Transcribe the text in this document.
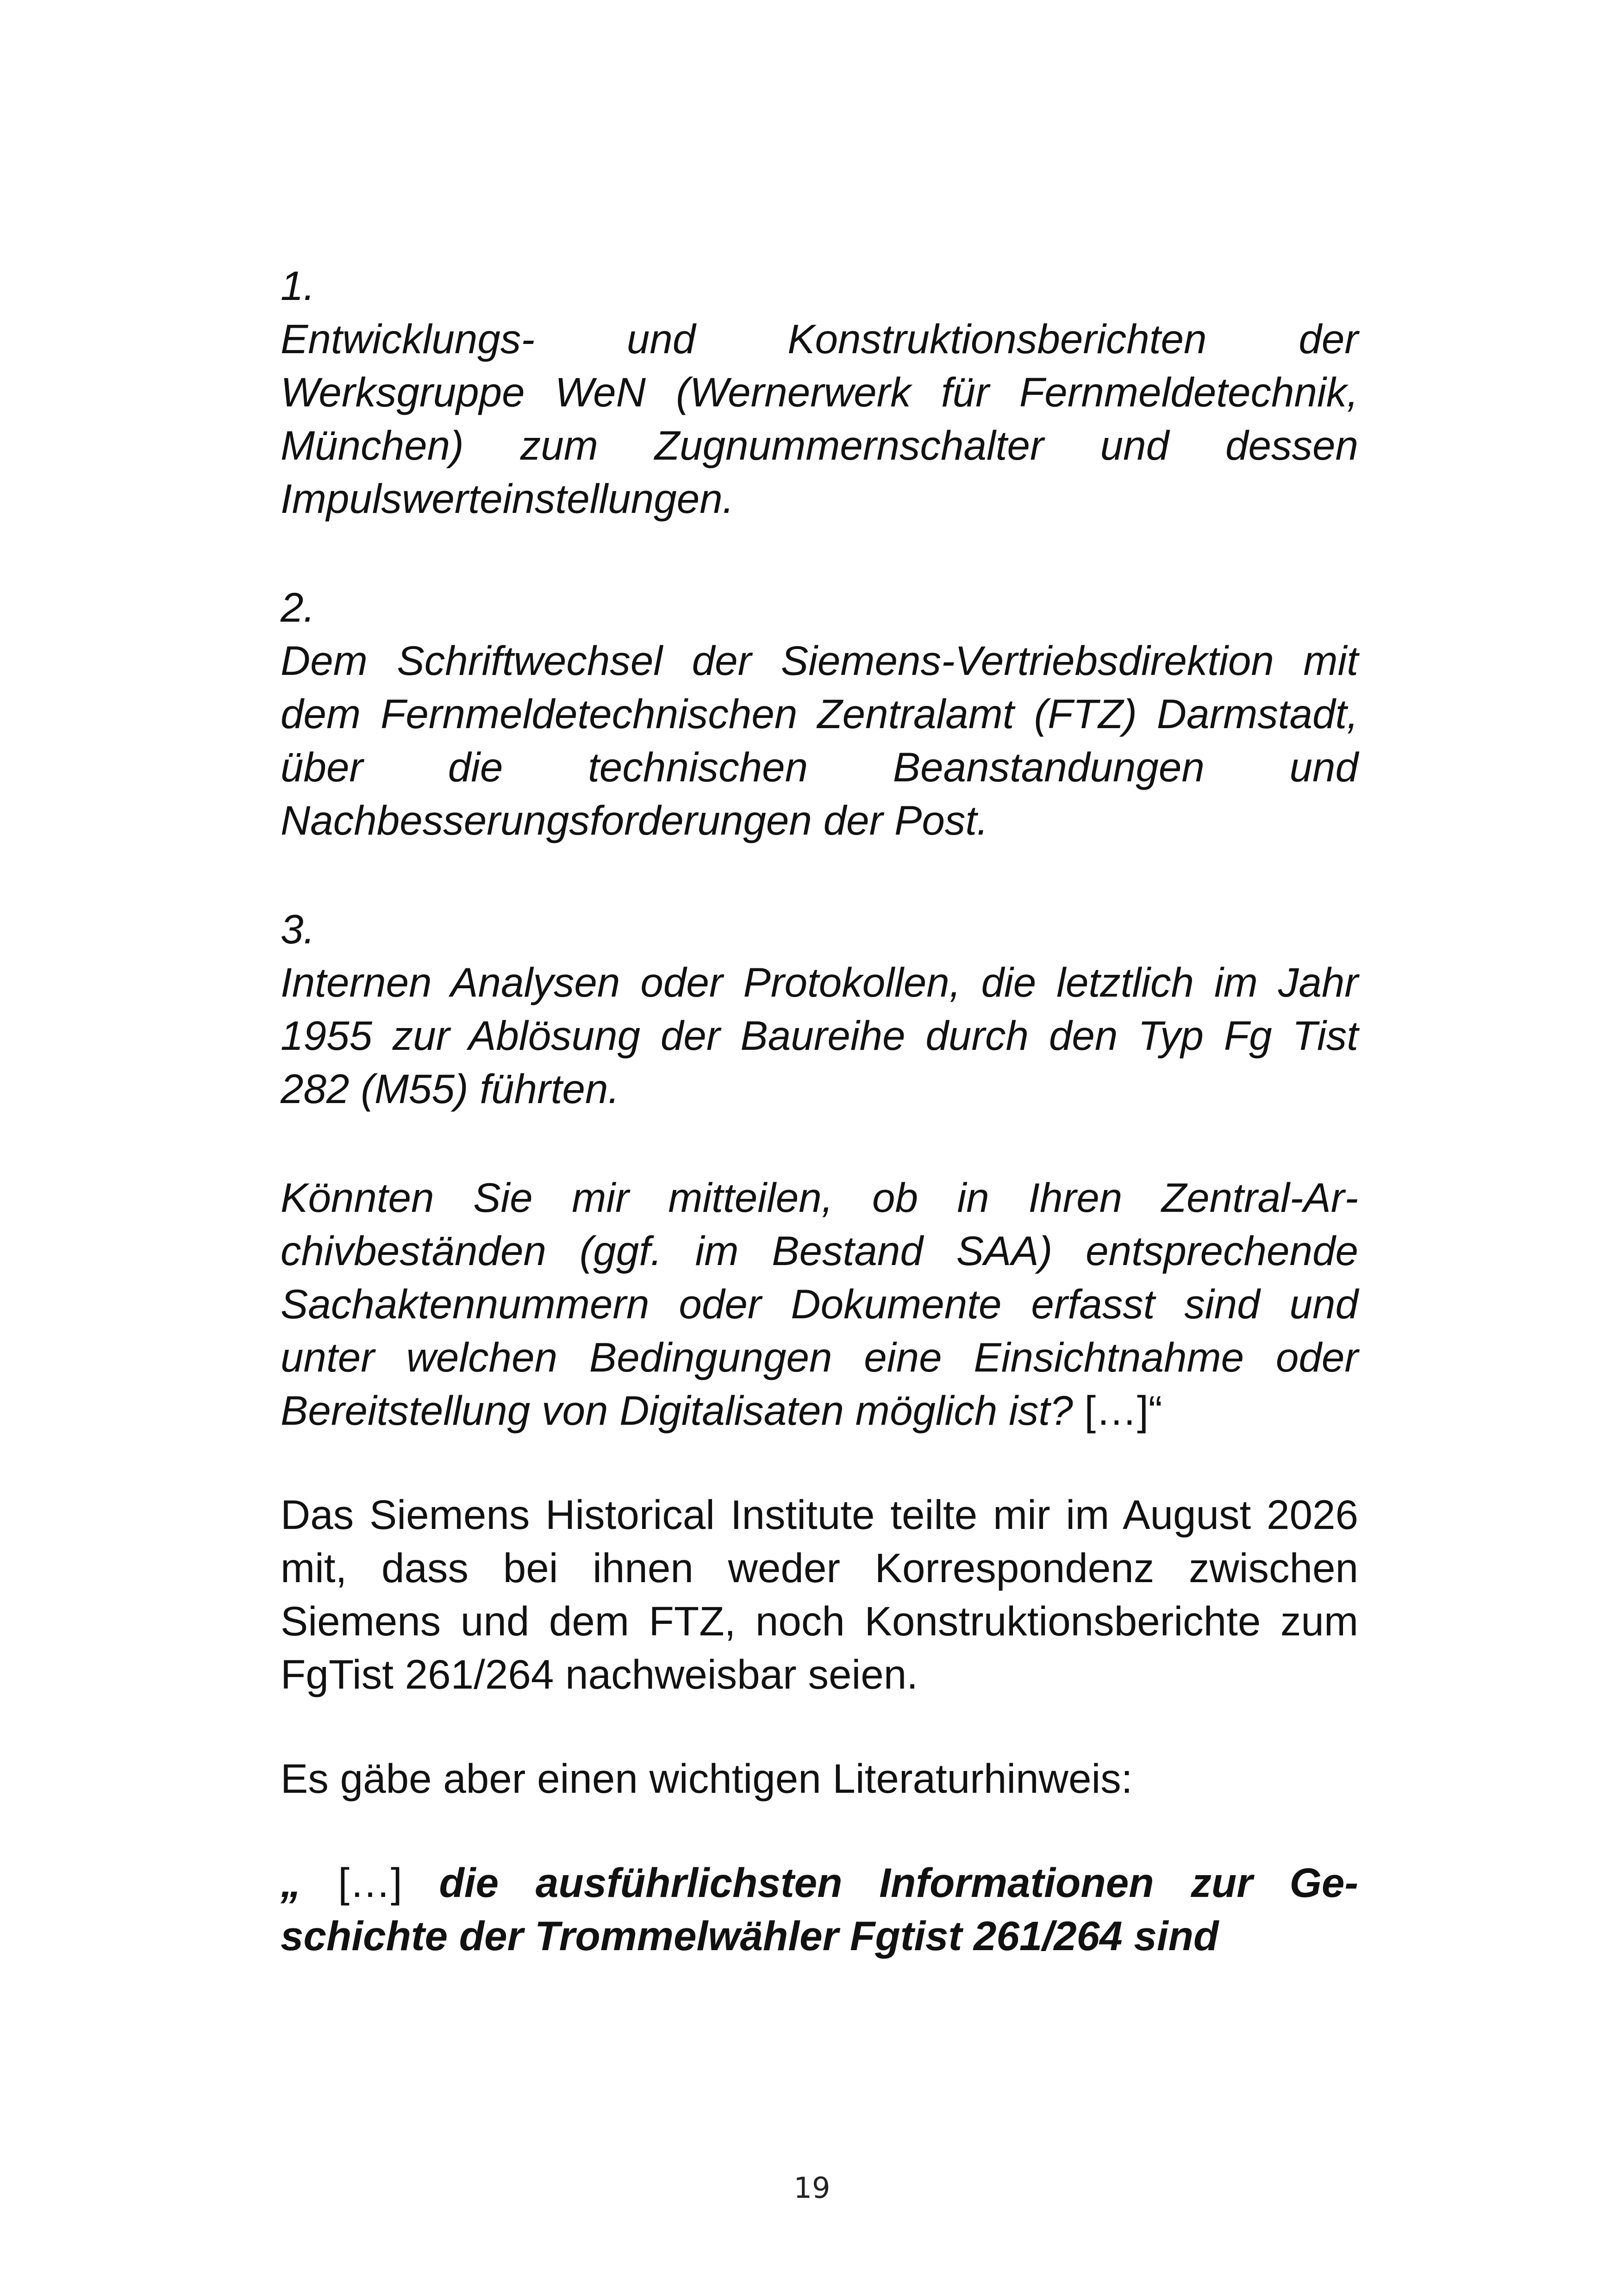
1.
Entwicklungs- und Konstruktionsberichten der Werksgruppe WeN (Wernerwerk für Fernmeldetechnik, München) zum Zugnummernschalter und dessen Impulswerteinstellungen.
2.
Dem Schriftwechsel der Siemens-Vertriebsdirektion mit dem Fernmeldetechnischen Zentralamt (FTZ) Darmstadt, über die technischen Beanstandungen und Nachbesserungsforderungen der Post.
3.
Internen Analysen oder Protokollen, die letztlich im Jahr 1955 zur Ablösung der Baureihe durch den Typ Fg Tist 282 (M55) führten.

Könnten Sie mir mitteilen, ob in Ihren Zentral-Archivbeständen (ggf. im Bestand SAA) entsprechende Sachaktennummern oder Dokumente erfasst sind und unter welchen Bedingungen eine Einsichtnahme oder Bereitstellung von Digitalisaten möglich ist? […]“

Das Siemens Historical Institute teilte mir im August 2026 mit, dass bei ihnen weder Korrespondenz zwischen Siemens und dem FTZ, noch Konstruktionsberichte zum FgTist 261/264 nachweisbar seien.

Es gäbe aber einen wichtigen Literaturhinweis:

„ […] die ausführlichsten Informationen zur Geschichte der Trommelwähler Fgtist 261/264 sind

19
